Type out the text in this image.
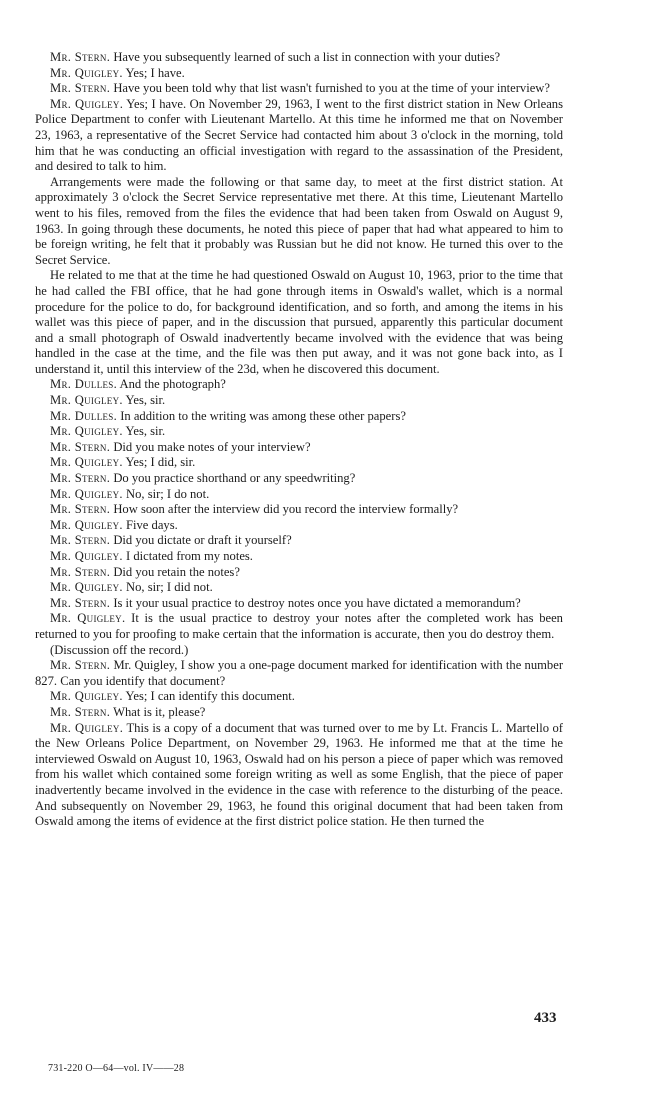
Mr. Stern. Have you subsequently learned of such a list in connection with your duties?

Mr. Quigley. Yes; I have.

Mr. Stern. Have you been told why that list wasn't furnished to you at the time of your interview?

Mr. Quigley. Yes; I have. On November 29, 1963, I went to the first district station in New Orleans Police Department to confer with Lieutenant Martello. At this time he informed me that on November 23, 1963, a representative of the Secret Service had contacted him about 3 o'clock in the morning, told him that he was conducting an official investigation with regard to the assassination of the President, and desired to talk to him.

Arrangements were made the following or that same day, to meet at the first district station. At approximately 3 o'clock the Secret Service representative met there. At this time, Lieutenant Martello went to his files, removed from the files the evidence that had been taken from Oswald on August 9, 1963. In going through these documents, he noted this piece of paper that had what appeared to him to be foreign writing, he felt that it probably was Russian but he did not know. He turned this over to the Secret Service.

He related to me that at the time he had questioned Oswald on August 10, 1963, prior to the time that he had called the FBI office, that he had gone through items in Oswald's wallet, which is a normal procedure for the police to do, for background identification, and so forth, and among the items in his wallet was this piece of paper, and in the discussion that pursued, apparently this particular document and a small photograph of Oswald inadvertently became involved with the evidence that was being handled in the case at the time, and the file was then put away, and it was not gone back into, as I understand it, until this interview of the 23d, when he discovered this document.

Mr. Dulles. And the photograph?

Mr. Quigley. Yes, sir.

Mr. Dulles. In addition to the writing was among these other papers?

Mr. Quigley. Yes, sir.

Mr. Stern. Did you make notes of your interview?

Mr. Quigley. Yes; I did, sir.

Mr. Stern. Do you practice shorthand or any speedwriting?

Mr. Quigley. No, sir; I do not.

Mr. Stern. How soon after the interview did you record the interview formally?

Mr. Quigley. Five days.

Mr. Stern. Did you dictate or draft it yourself?

Mr. Quigley. I dictated from my notes.

Mr. Stern. Did you retain the notes?

Mr. Quigley. No, sir; I did not.

Mr. Stern. Is it your usual practice to destroy notes once you have dictated a memorandum?

Mr. Quigley. It is the usual practice to destroy your notes after the completed work has been returned to you for proofing to make certain that the information is accurate, then you do destroy them.

(Discussion off the record.)

Mr. Stern. Mr. Quigley, I show you a one-page document marked for identification with the number 827. Can you identify that document?

Mr. Quigley. Yes; I can identify this document.

Mr. Stern. What is it, please?

Mr. Quigley. This is a copy of a document that was turned over to me by Lt. Francis L. Martello of the New Orleans Police Department, on November 29, 1963. He informed me that at the time he interviewed Oswald on August 10, 1963, Oswald had on his person a piece of paper which was removed from his wallet which contained some foreign writing as well as some English, that the piece of paper inadvertently became involved in the evidence in the case with reference to the disturbing of the peace. And subsequently on November 29, 1963, he found this original document that had been taken from Oswald among the items of evidence at the first district police station. He then turned the

433
731-220 O—64—vol. IV——28
